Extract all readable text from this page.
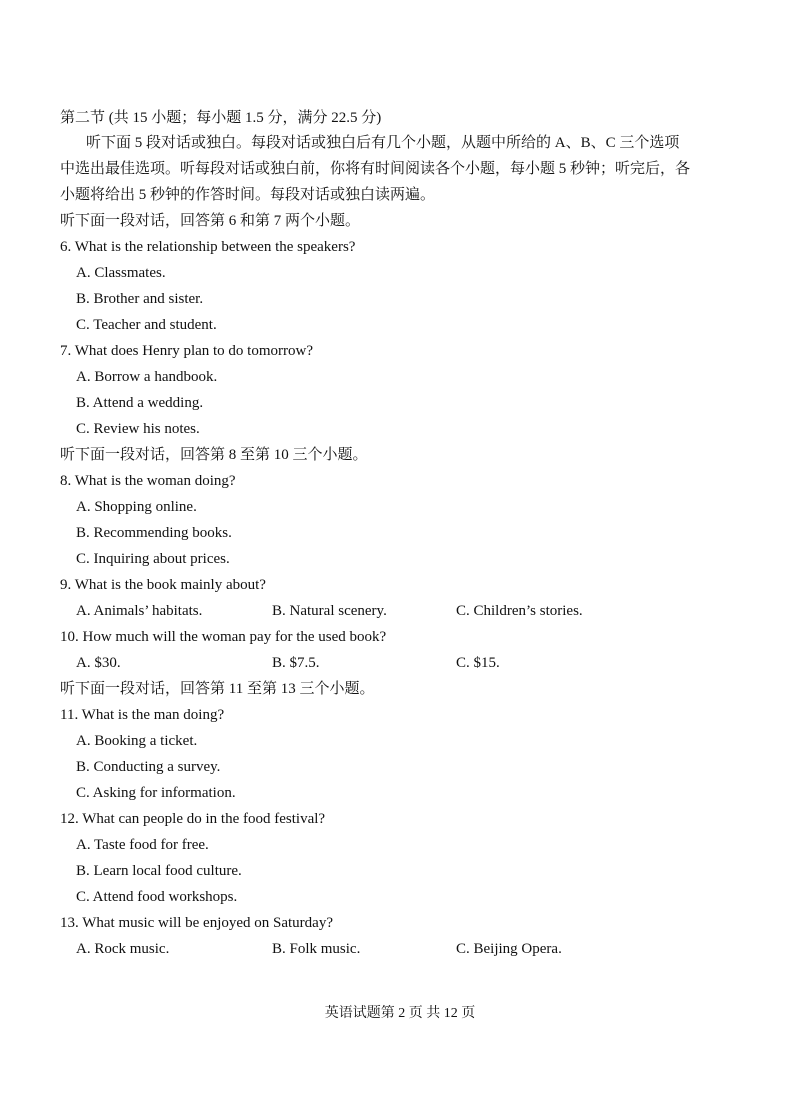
第二节 (共 15 小题；每小题 1.5 分，满分 22.5 分)
听下面 5 段对话或独白。每段对话或独白后有几个小题，从题中所给的 A、B、C 三个选项中选出最佳选项。听每段对话或独白前，你将有时间阅读各个小题，每小题 5 秒钟；听完后，各小题将给出 5 秒钟的作答时间。每段对话或独白读两遍。
听下面一段对话，回答第 6 和第 7 两个小题。
6. What is the relationship between the speakers?
A. Classmates.
B. Brother and sister.
C. Teacher and student.
7. What does Henry plan to do tomorrow?
A. Borrow a handbook.
B. Attend a wedding.
C. Review his notes.
听下面一段对话，回答第 8 至第 10 三个小题。
8. What is the woman doing?
A. Shopping online.
B. Recommending books.
C. Inquiring about prices.
9. What is the book mainly about?
A. Animals’ habitats.	B. Natural scenery.	C. Children’s stories.
10. How much will the woman pay for the used book?
A. $30.	B. $7.5.	C. $15.
听下面一段对话，回答第 11 至第 13 三个小题。
11. What is the man doing?
A. Booking a ticket.
B. Conducting a survey.
C. Asking for information.
12. What can people do in the food festival?
A. Taste food for free.
B. Learn local food culture.
C. Attend food workshops.
13. What music will be enjoyed on Saturday?
A. Rock music.	B. Folk music.	C. Beijing Opera.
英语试题第 2 页 共 12 页
